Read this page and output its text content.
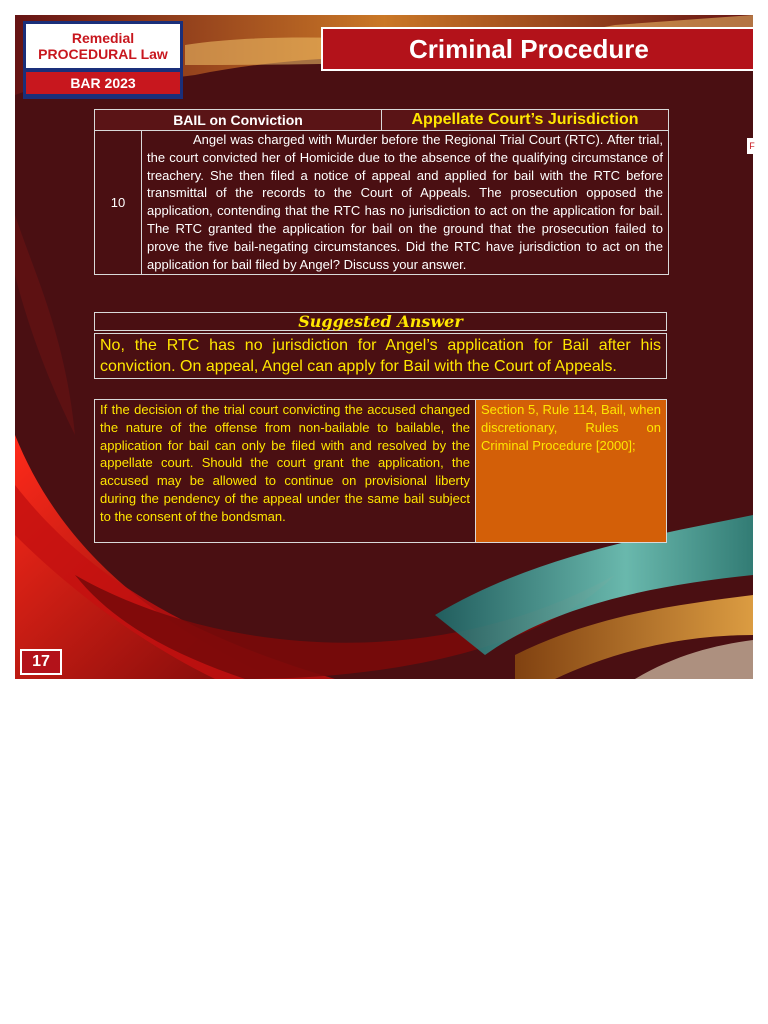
Remedial
PROCEDURAL Law
BAR 2023
Criminal Procedure
BAIL on Conviction	Appellate Court’s Jurisdiction
10
Angel was charged with Murder before the Regional Trial Court (RTC). After trial, the court convicted her of Homicide due to the absence of the qualifying circumstance of treachery. She then filed a notice of appeal and applied for bail with the RTC before transmittal of the records to the Court of Appeals. The prosecution opposed the application, contending that the RTC has no jurisdiction to act on the application for bail. The RTC granted the application for bail on the ground that the prosecution failed to prove the five bail-negating circumstances. Did the RTC have jurisdiction to act on the application for bail filed by Angel? Discuss your answer.
Suggested Answer
No, the RTC has no jurisdiction for Angel’s application for Bail after his conviction. On appeal, Angel can apply for Bail with the Court of Appeals.
If the decision of the trial court convicting the accused changed the nature of the offense from non-bailable to bailable, the application for bail can only be filed with and resolved by the appellate court. Should the court grant the application, the accused may be allowed to continue on provisional liberty during the pendency of the appeal under the same bail subject to the consent of the bondsman.
Section 5, Rule 114, Bail, when discretionary, Rules on Criminal Procedure [2000];
17
F
